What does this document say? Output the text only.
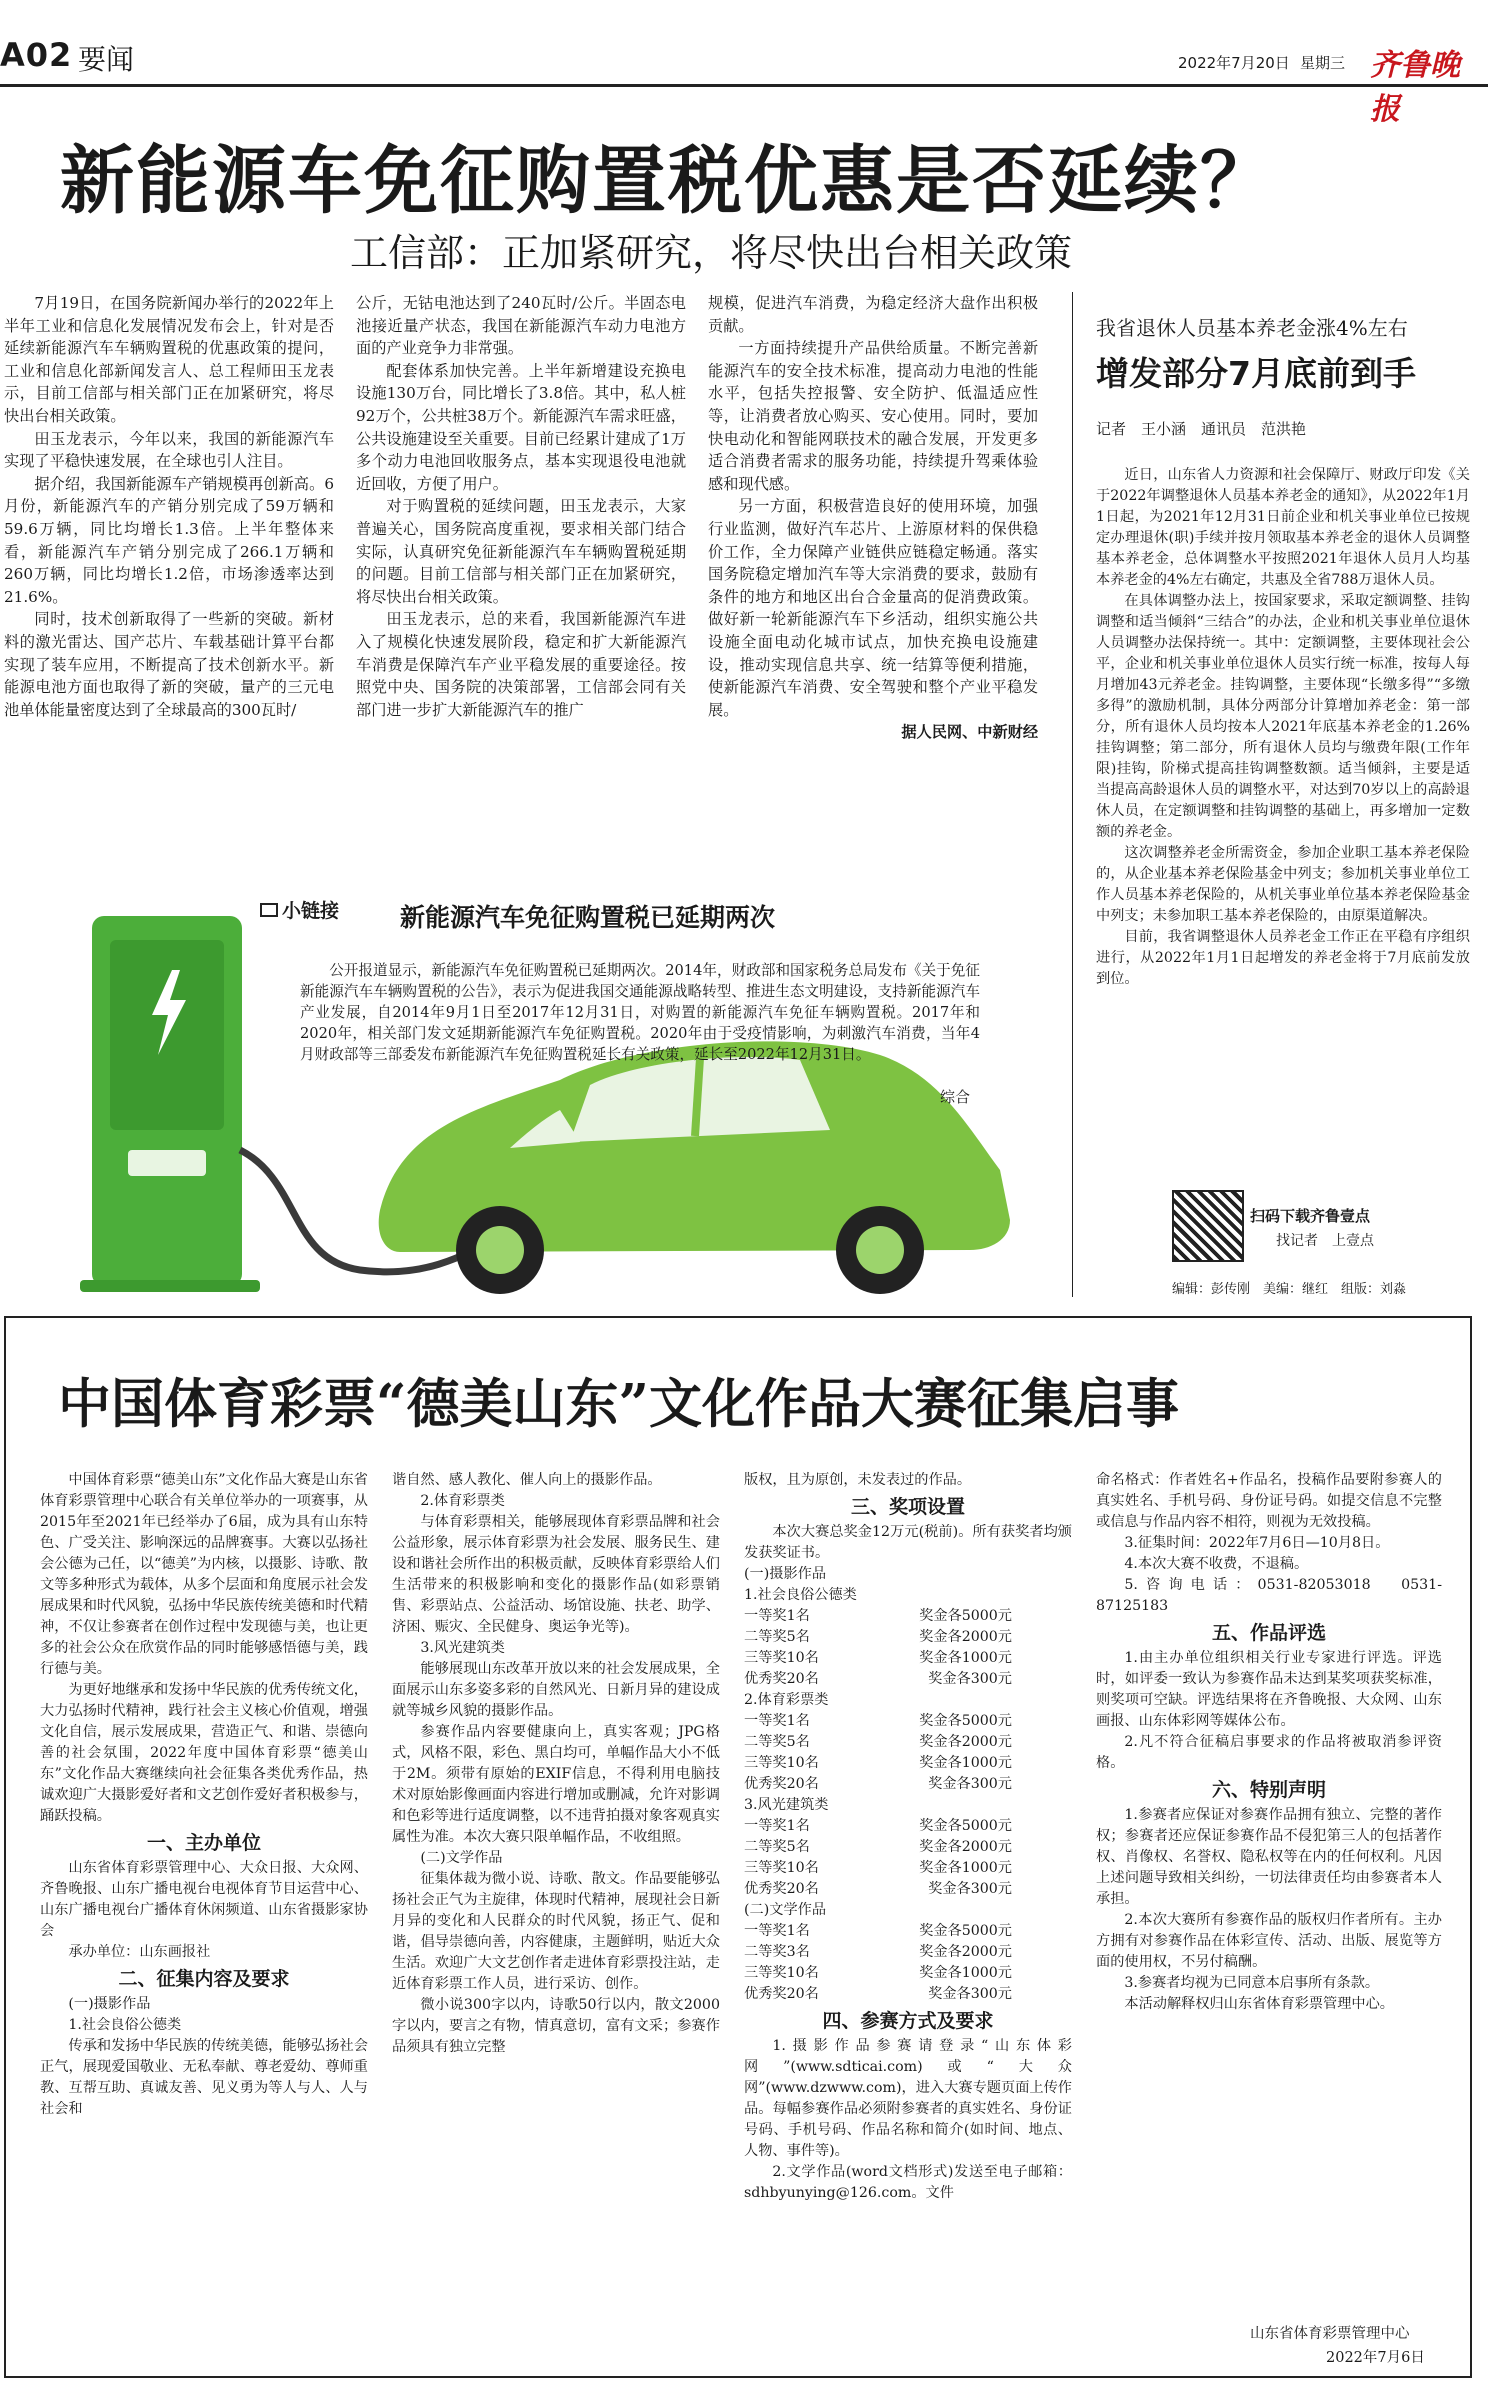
A02 要闻	2022年7月20日 星期三 齐鲁晚报
新能源车免征购置税优惠是否延续？
工信部：正加紧研究，将尽快出台相关政策

7月19日，在国务院新闻办举行的2022年上半年工业和信息化发展情况发布会上，针对是否延续新能源汽车车辆购置税的优惠政策的提问，工业和信息化部新闻发言人、总工程师田玉龙表示，目前工信部与相关部门正在加紧研究，将尽快出台相关政策。

田玉龙表示，今年以来，我国的新能源汽车实现了平稳快速发展，在全球也引人注目。

据介绍，我国新能源车产销规模再创新高。6月份，新能源汽车的产销分别完成了59万辆和59.6万辆，同比均增长1.3倍。上半年整体来看，新能源汽车产销分别完成了266.1万辆和260万辆，同比均增长1.2倍，市场渗透率达到21.6%。

同时，技术创新取得了一些新的突破。新材料的激光雷达、国产芯片、车载基础计算平台都实现了装车应用，不断提高了技术创新水平。新能源电池方面也取得了新的突破，量产的三元电池单体能量密度达到了全球最高的300瓦时/

公斤，无钴电池达到了240瓦时/公斤。半固态电池接近量产状态，我国在新能源汽车动力电池方面的产业竞争力非常强。

配套体系加快完善。上半年新增建设充换电设施130万台，同比增长了3.8倍。其中，私人桩92万个，公共桩38万个。新能源汽车需求旺盛，公共设施建设至关重要。目前已经累计建成了1万多个动力电池回收服务点，基本实现退役电池就近回收，方便了用户。

对于购置税的延续问题，田玉龙表示，大家普遍关心，国务院高度重视，要求相关部门结合实际，认真研究免征新能源汽车车辆购置税延期的问题。目前工信部与相关部门正在加紧研究，将尽快出台相关政策。

田玉龙表示，总的来看，我国新能源汽车进入了规模化快速发展阶段，稳定和扩大新能源汽车消费是保障汽车产业平稳发展的重要途径。按照党中央、国务院的决策部署，工信部会同有关部门进一步扩大新能源汽车的推广

规模，促进汽车消费，为稳定经济大盘作出积极贡献。

一方面持续提升产品供给质量。不断完善新能源汽车的安全技术标准，提高动力电池的性能水平，包括失控报警、安全防护、低温适应性等，让消费者放心购买、安心使用。同时，要加快电动化和智能网联技术的融合发展，开发更多适合消费者需求的服务功能，持续提升驾乘体验感和现代感。

另一方面，积极营造良好的使用环境，加强行业监测，做好汽车芯片、上游原材料的保供稳价工作，全力保障产业链供应链稳定畅通。落实国务院稳定增加汽车等大宗消费的要求，鼓励有条件的地方和地区出台合金量高的促消费政策。做好新一轮新能源汽车下乡活动，组织实施公共设施全面电动化城市试点，加快充换电设施建设，推动实现信息共享、统一结算等便利措施，使新能源汽车消费、安全驾驶和整个产业平稳发展。

据人民网、中新财经
小链接 新能源汽车免征购置税已延期两次
公开报道显示，新能源汽车免征购置税已延期两次。2014年，财政部和国家税务总局发布《关于免征新能源汽车车辆购置税的公告》，表示为促进我国交通能源战略转型、推进生态文明建设，支持新能源汽车产业发展，自2014年9月1日至2017年12月31日，对购置的新能源汽车免征车辆购置税。2017年和2020年，相关部门发文延期新能源汽车免征购置税。2020年由于受疫情影响，为刺激汽车消费，当年4月财政部等三部委发布新能源汽车免征购置税延长有关政策，延长至2022年12月31日。
综合
我省退休人员基本养老金涨4%左右
增发部分7月底前到手
记者　王小涵　通讯员　范洪艳

近日，山东省人力资源和社会保障厅、财政厅印发《关于2022年调整退休人员基本养老金的通知》，从2022年1月1日起，为2021年12月31日前企业和机关事业单位已按规定办理退休(职)手续并按月领取基本养老金的退休人员调整基本养老金，总体调整水平按照2021年退休人员月人均基本养老金的4%左右确定，共惠及全省788万退休人员。

在具体调整办法上，按国家要求，采取定额调整、挂钩调整和适当倾斜“三结合”的办法，企业和机关事业单位退休人员调整办法保持统一。其中：定额调整，主要体现社会公平，企业和机关事业单位退休人员实行统一标准，按每人每月增加43元养老金。挂钩调整，主要体现“长缴多得”“多缴多得”的激励机制，具体分两部分计算增加养老金：第一部分，所有退休人员均按本人2021年底基本养老金的1.26%挂钩调整；第二部分，所有退休人员均与缴费年限(工作年限)挂钩，阶梯式提高挂钩调整数额。适当倾斜，主要是适当提高高龄退休人员的调整水平，对达到70岁以上的高龄退休人员，在定额调整和挂钩调整的基础上，再多增加一定数额的养老金。

这次调整养老金所需资金，参加企业职工基本养老保险的，从企业基本养老保险基金中列支；参加机关事业单位工作人员基本养老保险的，从机关事业单位基本养老保险基金中列支；未参加职工基本养老保险的，由原渠道解决。

目前，我省调整退休人员养老金工作正在平稳有序组织进行，从2022年1月1日起增发的养老金将于7月底前发放到位。

扫码下载齐鲁壹点
找记者　上壹点
编辑：彭传刚　美编：继红　组版：刘淼
中国体育彩票“德美山东”文化作品大赛征集启事

中国体育彩票“德美山东”文化作品大赛是山东省体育彩票管理中心联合有关单位举办的一项赛事，从2015年至2021年已经举办了6届，成为具有山东特色、广受关注、影响深远的品牌赛事。大赛以弘扬社会公德为己任，以“德美”为内核，以摄影、诗歌、散文等多种形式为载体，从多个层面和角度展示社会发展成果和时代风貌，弘扬中华民族传统美德和时代精神，不仅让参赛者在创作过程中发现德与美，也让更多的社会公众在欣赏作品的同时能够感悟德与美，践行德与美。

为更好地继承和发扬中华民族的优秀传统文化，大力弘扬时代精神，践行社会主义核心价值观，增强文化自信，展示发展成果，营造正气、和谐、崇德向善的社会氛围，2022年度中国体育彩票“德美山东”文化作品大赛继续向社会征集各类优秀作品，热诚欢迎广大摄影爱好者和文艺创作爱好者积极参与，踊跃投稿。

一、主办单位

山东省体育彩票管理中心、大众日报、大众网、齐鲁晚报、山东广播电视台电视体育节目运营中心、山东广播电视台广播体育休闲频道、山东省摄影家协会

承办单位：山东画报社

二、征集内容及要求

(一)摄影作品

1.社会良俗公德类

传承和发扬中华民族的传统美德，能够弘扬社会正气，展现爱国敬业、无私奉献、尊老爱幼、尊师重教、互帮互助、真诚友善、见义勇为等人与人、人与社会和

谐自然、感人教化、催人向上的摄影作品。

2.体育彩票类

与体育彩票相关，能够展现体育彩票品牌和社会公益形象，展示体育彩票为社会发展、服务民生、建设和谐社会所作出的积极贡献，反映体育彩票给人们生活带来的积极影响和变化的摄影作品(如彩票销售、彩票站点、公益活动、场馆设施、扶老、助学、济困、赈灾、全民健身、奥运争光等)。

3.风光建筑类

能够展现山东改革开放以来的社会发展成果，全面展示山东多姿多彩的自然风光、日新月异的建设成就等城乡风貌的摄影作品。

参赛作品内容要健康向上，真实客观；JPG格式，风格不限，彩色、黑白均可，单幅作品大小不低于2M。须带有原始的EXIF信息，不得利用电脑技术对原始影像画面内容进行增加或删减，允许对影调和色彩等进行适度调整，以不违背拍摄对象客观真实属性为准。本次大赛只限单幅作品，不收组照。

(二)文学作品

征集体裁为微小说、诗歌、散文。作品要能够弘扬社会正气为主旋律，体现时代精神，展现社会日新月异的变化和人民群众的时代风貌，扬正气、促和谐，倡导崇德向善，内容健康，主题鲜明，贴近大众生活。欢迎广大文艺创作者走进体育彩票投注站，走近体育彩票工作人员，进行采访、创作。

微小说300字以内，诗歌50行以内，散文2000字以内，要言之有物，情真意切，富有文采；参赛作品须具有独立完整

版权，且为原创，未发表过的作品。

三、奖项设置

本次大赛总奖金12万元(税前)。所有获奖者均颁发获奖证书。

(一)摄影作品
1.社会良俗公德类
一等奖1名	奖金各5000元
二等奖5名	奖金各2000元
三等奖10名	奖金各1000元
优秀奖20名	奖金各300元
2.体育彩票类
一等奖1名	奖金各5000元
二等奖5名	奖金各2000元
三等奖10名	奖金各1000元
优秀奖20名	奖金各300元
3.风光建筑类
一等奖1名	奖金各5000元
二等奖5名	奖金各2000元
三等奖10名	奖金各1000元
优秀奖20名	奖金各300元
(二)文学作品
一等奖1名	奖金各5000元
二等奖3名	奖金各2000元
三等奖10名	奖金各1000元
优秀奖20名	奖金各300元
四、参赛方式及要求

1.摄影作品参赛请登录“山东体彩网”(www.sdticai.com)或“大众网”(www.dzwww.com)，进入大赛专题页面上传作品。每幅参赛作品必须附参赛者的真实姓名、身份证号码、手机号码、作品名称和简介(如时间、地点、人物、事件等)。

2.文学作品(word文档形式)发送至电子邮箱：sdhbyunying@126.com。文件

命名格式：作者姓名+作品名，投稿作品要附参赛人的真实姓名、手机号码、身份证号码。如提交信息不完整或信息与作品内容不相符，则视为无效投稿。

3.征集时间：2022年7月6日—10月8日。

4.本次大赛不收费，不退稿。

5.咨询电话：0531-82053018　0531-87125183

五、作品评选

1.由主办单位组织相关行业专家进行评选。评选时，如评委一致认为参赛作品未达到某奖项获奖标准，则奖项可空缺。评选结果将在齐鲁晚报、大众网、山东画报、山东体彩网等媒体公布。

2.凡不符合征稿启事要求的作品将被取消参评资格。

六、特别声明

1.参赛者应保证对参赛作品拥有独立、完整的著作权；参赛者还应保证参赛作品不侵犯第三人的包括著作权、肖像权、名誉权、隐私权等在内的任何权利。凡因上述问题导致相关纠纷，一切法律责任均由参赛者本人承担。

2.本次大赛所有参赛作品的版权归作者所有。主办方拥有对参赛作品在体彩宣传、活动、出版、展览等方面的使用权，不另付稿酬。

3.参赛者均视为已同意本启事所有条款。

本活动解释权归山东省体育彩票管理中心。

山东省体育彩票管理中心
2022年7月6日
